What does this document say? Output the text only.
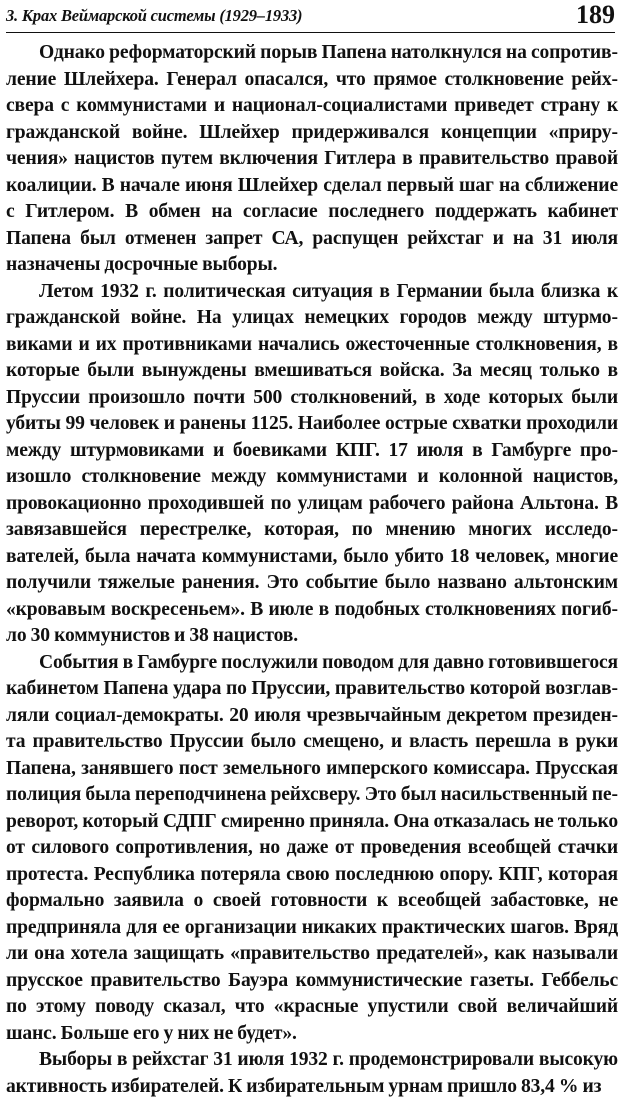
3. Крах Веймарской системы (1929–1933)	189

Однако реформаторский порыв Папена натолкнулся на сопротивление Шлейхера. Генерал опасался, что прямое столкновение рейхсвера с коммунистами и национал-социалистами приведет страну к гражданской войне. Шлейхер придерживался концепции «приручения» нацистов путем включения Гитлера в правительство правой коалиции. В начале июня Шлейхер сделал первый шаг на сближение с Гитлером. В обмен на согласие последнего поддержать кабинет Папена был отменен запрет СА, распущен рейхстаг и на 31 июля назначены досрочные выборы.

Летом 1932 г. политическая ситуация в Германии была близка к гражданской войне. На улицах немецких городов между штурмовиками и их противниками начались ожесточенные столкновения, в которые были вынуждены вмешиваться войска. За месяц только в Пруссии произошло почти 500 столкновений, в ходе которых были убиты 99 человек и ранены 1125. Наиболее острые схватки проходили между штурмовиками и боевиками КПГ. 17 июля в Гамбурге произошло столкновение между коммунистами и колонной нацистов, провокационно проходившей по улицам рабочего района Альтона. В завязавшейся перестрелке, которая, по мнению многих исследователей, была начата коммунистами, было убито 18 человек, многие получили тяжелые ранения. Это событие было названо альтонским «кровавым воскресеньем». В июле в подобных столкновениях погибло 30 коммунистов и 38 нацистов.

События в Гамбурге послужили поводом для давно готовившегося кабинетом Папена удара по Пруссии, правительство которой возглавляли социал-демократы. 20 июля чрезвычайным декретом президента правительство Пруссии было смещено, и власть перешла в руки Папена, занявшего пост земельного имперского комиссара. Прусская полиция была переподчинена рейхсверу. Это был насильственный переворот, который СДПГ смиренно приняла. Она отказалась не только от силового сопротивления, но даже от проведения всеобщей стачки протеста. Республика потеряла свою последнюю опору. КПГ, которая формально заявила о своей готовности к всеобщей забастовке, не предприняла для ее организации никаких практических шагов. Вряд ли она хотела защищать «правительство предателей», как называли прусское правительство Бауэра коммунистические газеты. Геббельс по этому поводу сказал, что «красные упустили свой величайший шанс. Больше его у них не будет».

Выборы в рейхстаг 31 июля 1932 г. продемонстрировали высокую активность избирателей. К избирательным урнам пришло 83,4 % из
